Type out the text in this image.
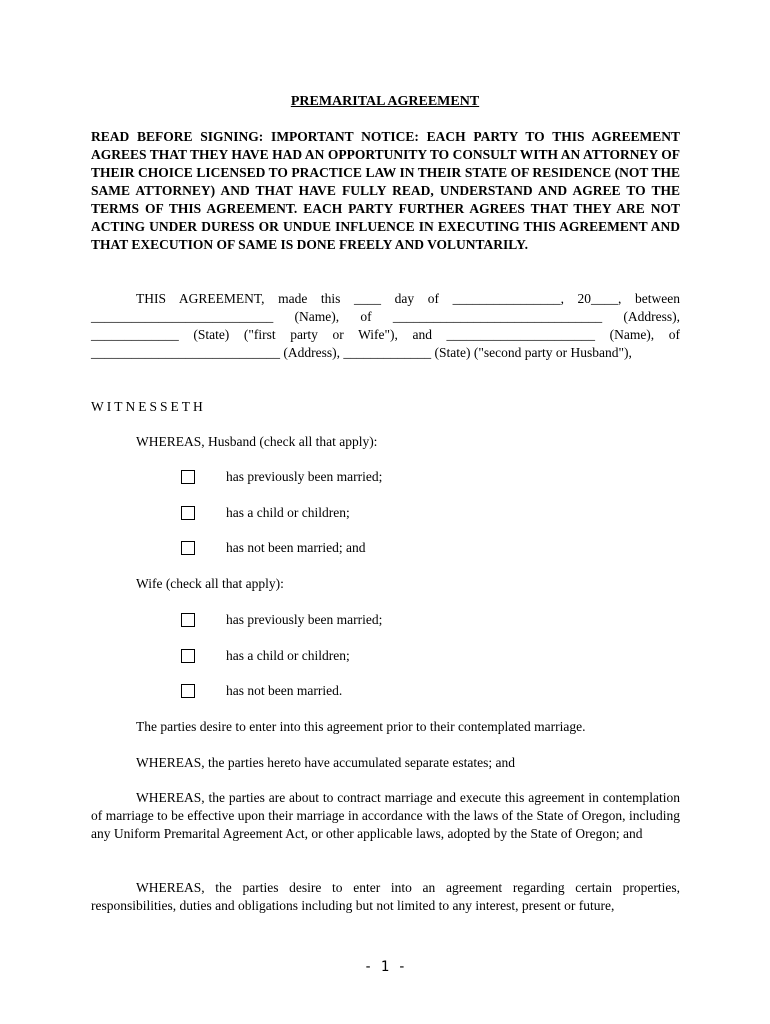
PREMARITAL AGREEMENT
READ BEFORE SIGNING: IMPORTANT NOTICE: EACH PARTY TO THIS AGREEMENT AGREES THAT THEY HAVE HAD AN OPPORTUNITY TO CONSULT WITH AN ATTORNEY OF THEIR CHOICE LICENSED TO PRACTICE LAW IN THEIR STATE OF RESIDENCE (NOT THE SAME ATTORNEY) AND THAT HAVE FULLY READ, UNDERSTAND AND AGREE TO THE TERMS OF THIS AGREEMENT. EACH PARTY FURTHER AGREES THAT THEY ARE NOT ACTING UNDER DURESS OR UNDUE INFLUENCE IN EXECUTING THIS AGREEMENT AND THAT EXECUTION OF SAME IS DONE FREELY AND VOLUNTARILY.
THIS AGREEMENT, made this ____ day of ________________, 20____, between ___________________________ (Name), of _______________________________ (Address), _____________ (State) ("first party or Wife"), and ______________________ (Name), of ____________________________ (Address), _____________ (State) ("second party or Husband"),
WITNESSETH
WHEREAS, Husband (check all that apply):
has previously been married;
has a child or children;
has not been married; and
Wife (check all that apply):
has previously been married;
has a child or children;
has not been married.
The parties desire to enter into this agreement prior to their contemplated marriage.
WHEREAS, the parties hereto have accumulated separate estates; and
WHEREAS, the parties are about to contract marriage and execute this agreement in contemplation of marriage to be effective upon their marriage in accordance with the laws of the State of Oregon, including any Uniform Premarital Agreement Act, or other applicable laws, adopted by the State of Oregon; and
WHEREAS, the parties desire to enter into an agreement regarding certain properties, responsibilities, duties and obligations including but not limited to any interest, present or future,
- 1 -
